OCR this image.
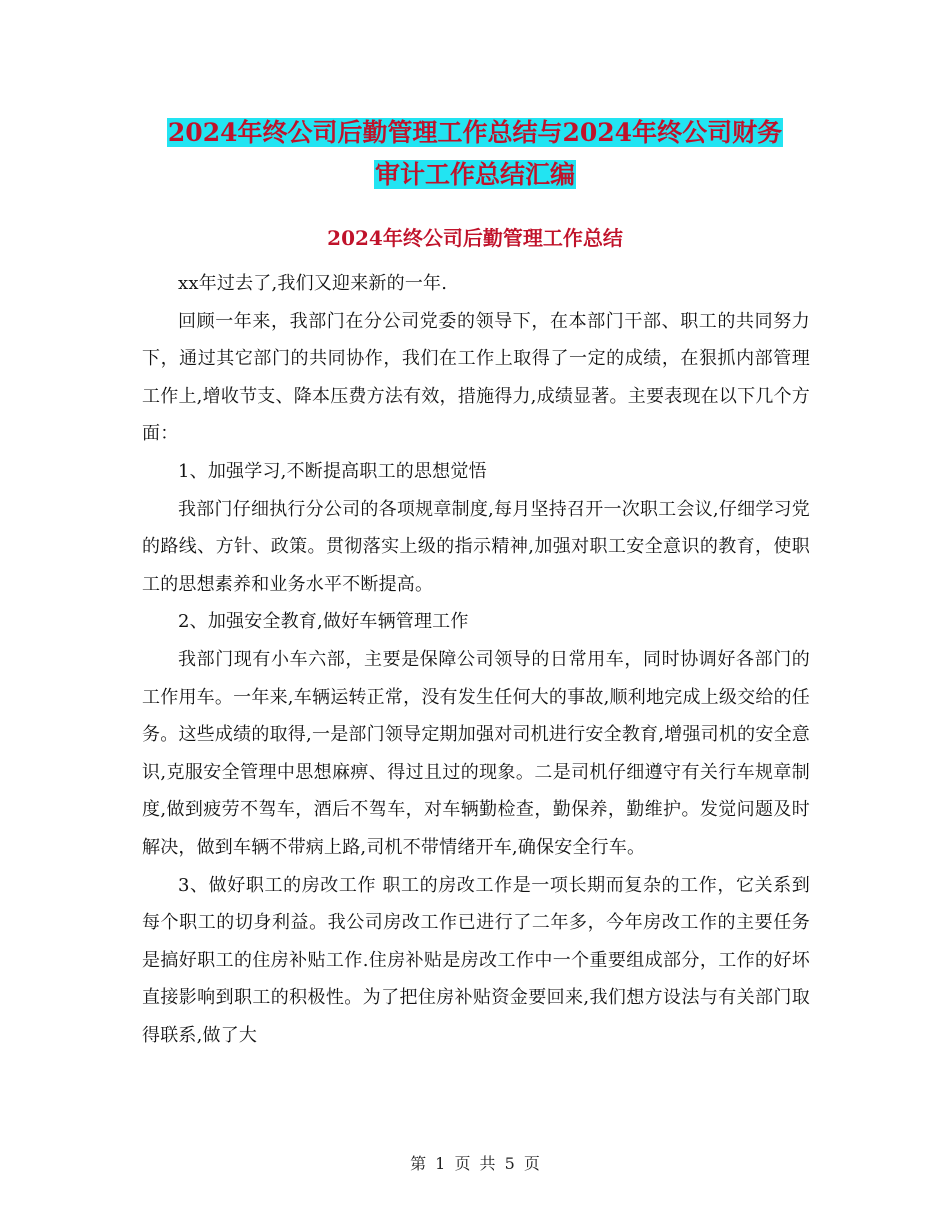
2024年终公司后勤管理工作总结与2024年终公司财务
审计工作总结汇编
2024年终公司后勤管理工作总结

xx年过去了,我们又迎来新的一年.

回顾一年来，我部门在分公司党委的领导下，在本部门干部、职工的共同努力下，通过其它部门的共同协作，我们在工作上取得了一定的成绩，在狠抓内部管理工作上,增收节支、降本压费方法有效，措施得力,成绩显著。主要表现在以下几个方面：

1、加强学习,不断提高职工的思想觉悟

我部门仔细执行分公司的各项规章制度,每月坚持召开一次职工会议,仔细学习党的路线、方针、政策。贯彻落实上级的指示精神,加强对职工安全意识的教育，使职工的思想素养和业务水平不断提高。

2、加强安全教育,做好车辆管理工作

我部门现有小车六部，主要是保障公司领导的日常用车，同时协调好各部门的工作用车。一年来,车辆运转正常，没有发生任何大的事故,顺利地完成上级交给的任务。这些成绩的取得,一是部门领导定期加强对司机进行安全教育,增强司机的安全意识,克服安全管理中思想麻痹、得过且过的现象。二是司机仔细遵守有关行车规章制度,做到疲劳不驾车，酒后不驾车，对车辆勤检查，勤保养，勤维护。发觉问题及时解决，做到车辆不带病上路,司机不带情绪开车,确保安全行车。

3、做好职工的房改工作 职工的房改工作是一项长期而复杂的工作，它关系到每个职工的切身利益。我公司房改工作已进行了二年多，今年房改工作的主要任务是搞好职工的住房补贴工作.住房补贴是房改工作中一个重要组成部分，工作的好坏直接影响到职工的积极性。为了把住房补贴资金要回来,我们想方设法与有关部门取得联系,做了大

第 1 页 共 5 页
